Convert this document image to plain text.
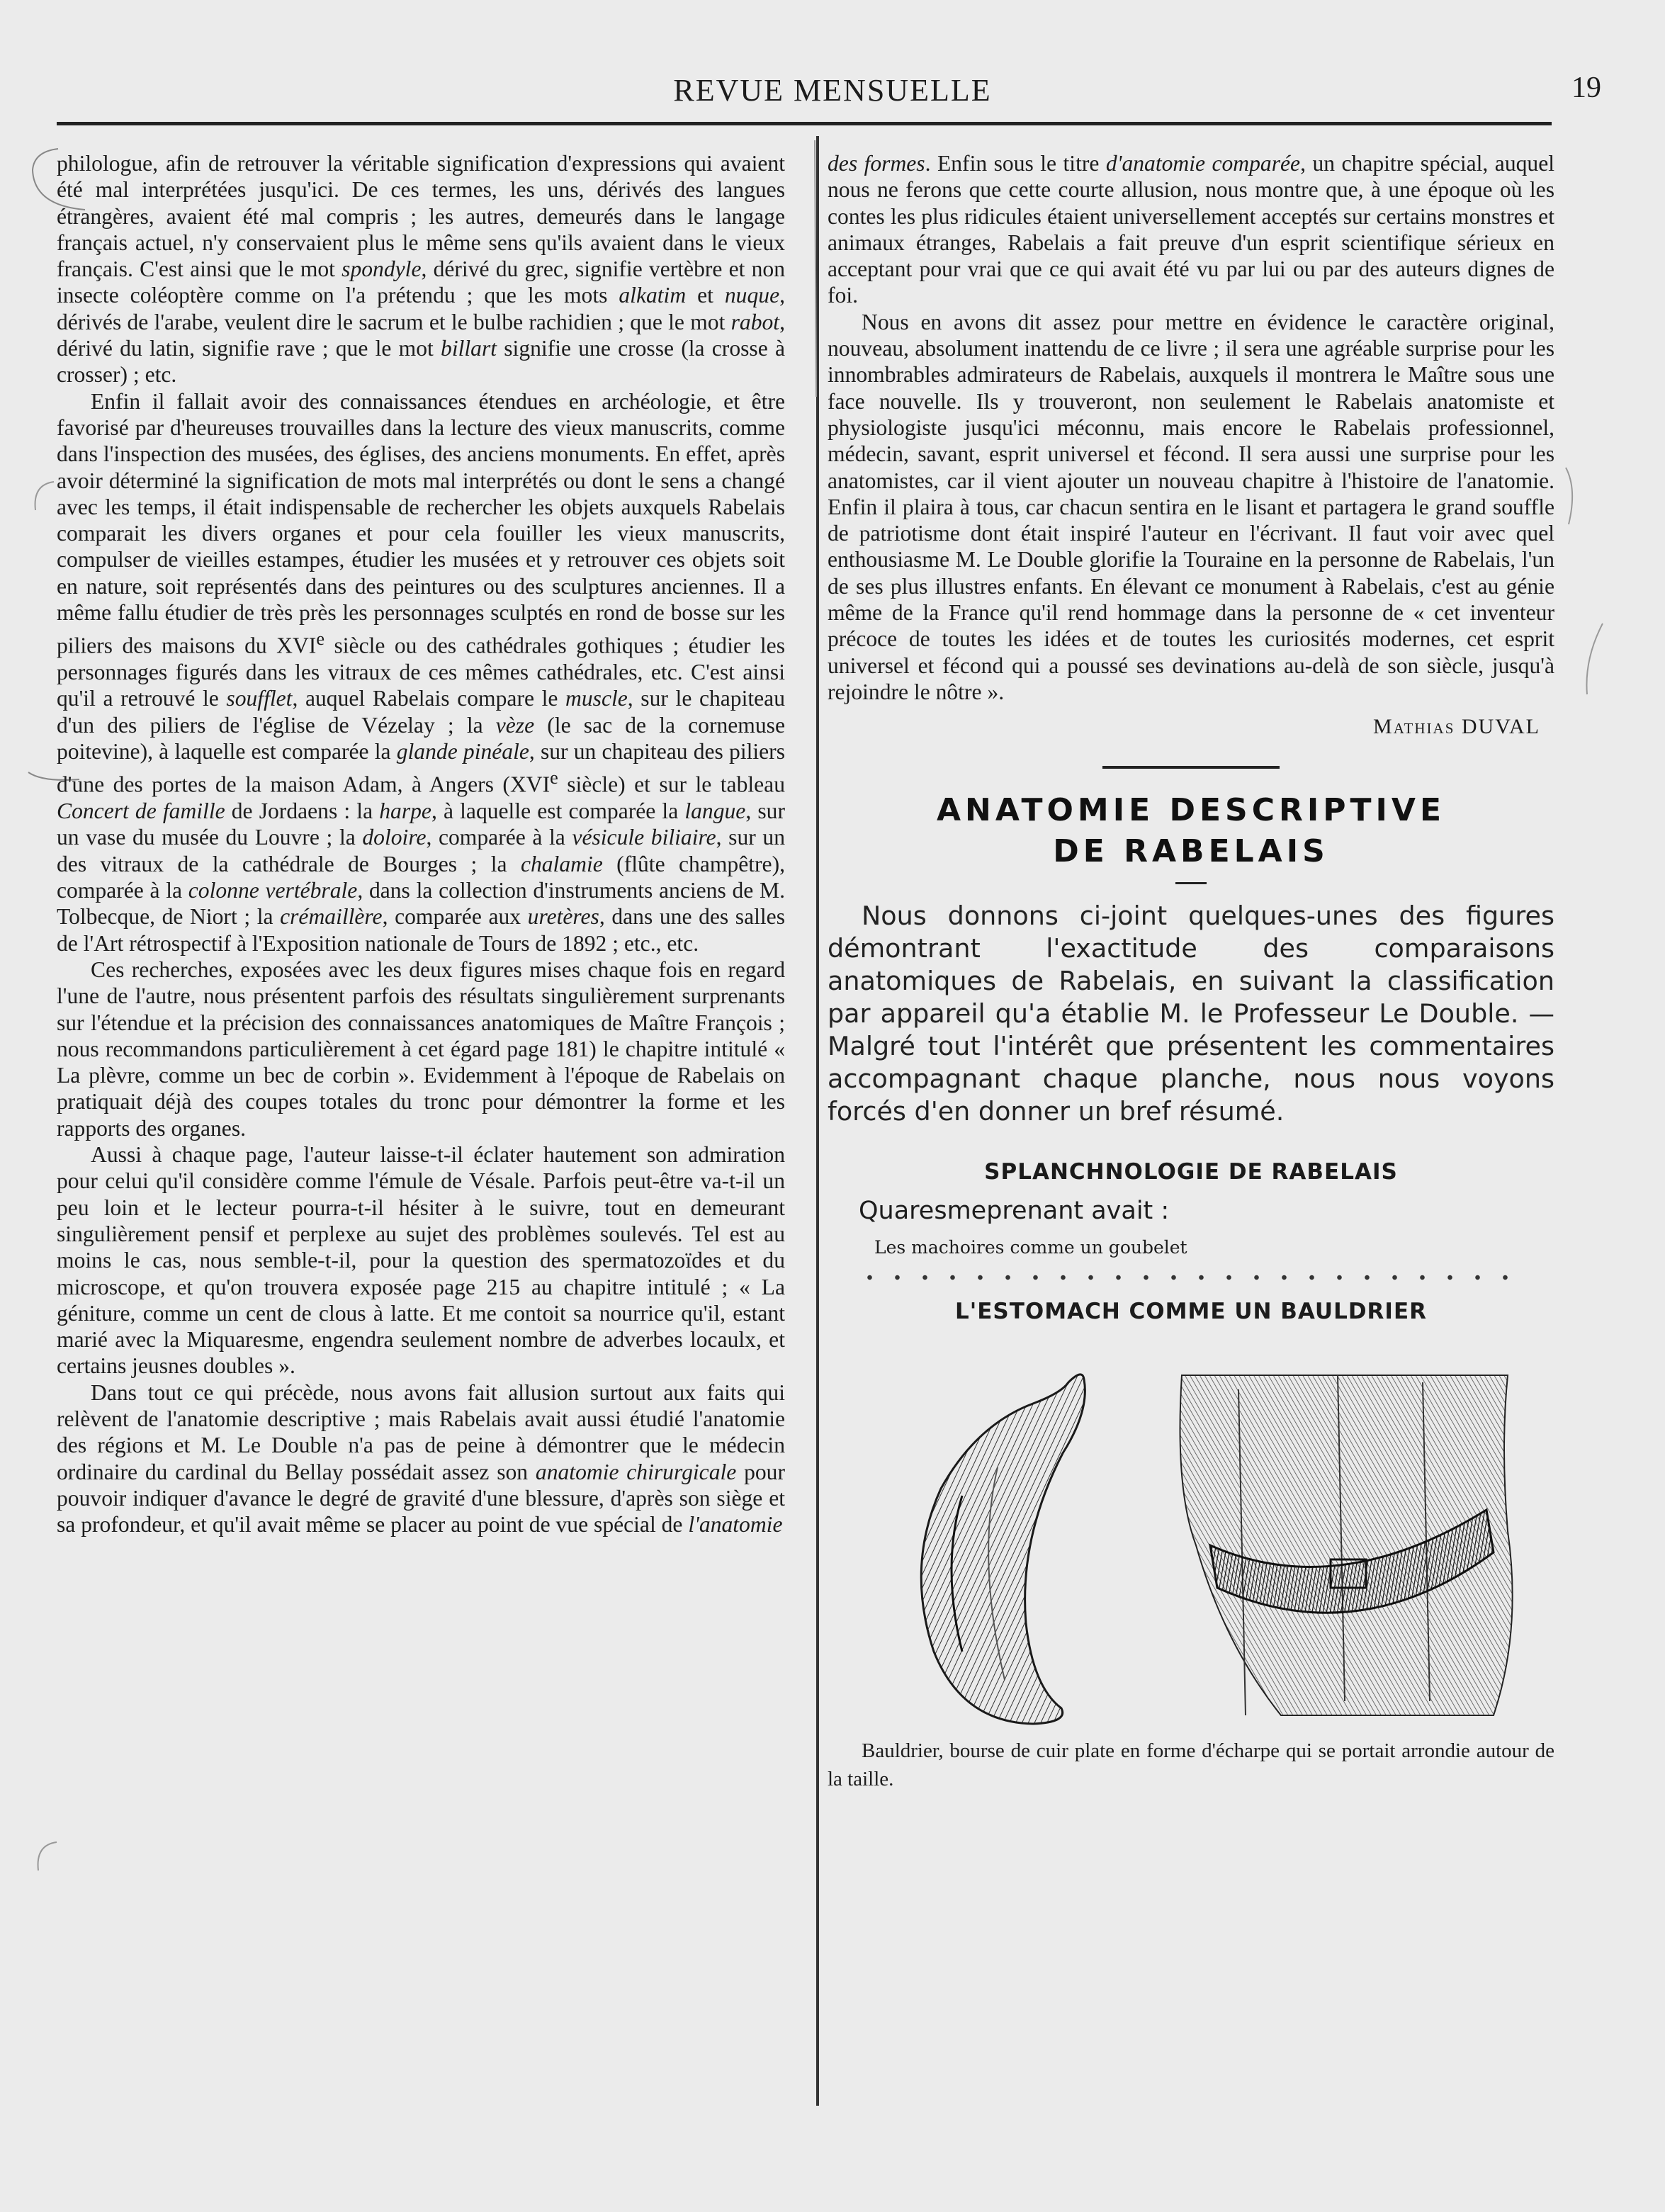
REVUE MENSUELLE	19

philologue, afin de retrouver la véritable signification d'expressions qui avaient été mal interprétées jusqu'ici. De ces termes, les uns, dérivés des langues étrangères, avaient été mal compris ; les autres, demeurés dans le langage français actuel, n'y conservaient plus le même sens qu'ils avaient dans le vieux français. C'est ainsi que le mot spondyle, dérivé du grec, signifie vertèbre et non insecte coléoptère comme on l'a prétendu ; que les mots alkatim et nuque, dérivés de l'arabe, veulent dire le sacrum et le bulbe rachidien ; que le mot rabot, dérivé du latin, signifie rave ; que le mot billart signifie une crosse (la crosse à crosser) ; etc.

Enfin il fallait avoir des connaissances étendues en archéologie, et être favorisé par d'heureuses trouvailles dans la lecture des vieux manuscrits, comme dans l'inspection des musées, des églises, des anciens monuments. En effet, après avoir déterminé la signification de mots mal interprétés ou dont le sens a changé avec les temps, il était indispensable de rechercher les objets auxquels Rabelais comparait les divers organes et pour cela fouiller les vieux manuscrits, compulser de vieilles estampes, étudier les musées et y retrouver ces objets soit en nature, soit représentés dans des peintures ou des sculptures anciennes. Il a même fallu étudier de très près les personnages sculptés en rond de bosse sur les piliers des maisons du XVIe siècle ou des cathédrales gothiques ; étudier les personnages figurés dans les vitraux de ces mêmes cathédrales, etc. C'est ainsi qu'il a retrouvé le soufflet, auquel Rabelais compare le muscle, sur le chapiteau d'un des piliers de l'église de Vézelay ; la vèze (le sac de la cornemuse poitevine), à laquelle est comparée la glande pinéale, sur un chapiteau des piliers d'une des portes de la maison Adam, à Angers (XVIe siècle) et sur le tableau Concert de famille de Jordaens : la harpe, à laquelle est comparée la langue, sur un vase du musée du Louvre ; la doloire, comparée à la vésicule biliaire, sur un des vitraux de la cathédrale de Bourges ; la chalamie (flûte champêtre), comparée à la colonne vertébrale, dans la collection d'instruments anciens de M. Tolbecque, de Niort ; la crémaillère, comparée aux uretères, dans une des salles de l'Art rétrospectif à l'Exposition nationale de Tours de 1892 ; etc., etc.

Ces recherches, exposées avec les deux figures mises chaque fois en regard l'une de l'autre, nous présentent parfois des résultats singulièrement surprenants sur l'étendue et la précision des connaissances anatomiques de Maître François ; nous recommandons particulièrement à cet égard page 181) le chapitre intitulé « La plèvre, comme un bec de corbin ». Evidemment à l'époque de Rabelais on pratiquait déjà des coupes totales du tronc pour démontrer la forme et les rapports des organes.

Aussi à chaque page, l'auteur laisse-t-il éclater hautement son admiration pour celui qu'il considère comme l'émule de Vésale. Parfois peut-être va-t-il un peu loin et le lecteur pourra-t-il hésiter à le suivre, tout en demeurant singulièrement pensif et perplexe au sujet des problèmes soulevés. Tel est au moins le cas, nous semble-t-il, pour la question des spermatozoïdes et du microscope, et qu'on trouvera exposée page 215 au chapitre intitulé ; « La géniture, comme un cent de clous à latte. Et me contoit sa nourrice qu'il, estant marié avec la Miquaresme, engendra seulement nombre de adverbes locaulx, et certains jeusnes doubles ».

Dans tout ce qui précède, nous avons fait allusion surtout aux faits qui relèvent de l'anatomie descriptive ; mais Rabelais avait aussi étudié l'anatomie des régions et M. Le Double n'a pas de peine à démontrer que le médecin ordinaire du cardinal du Bellay possédait assez son anatomie chirurgicale pour pouvoir indiquer d'avance le degré de gravité d'une blessure, d'après son siège et sa profondeur, et qu'il avait même se placer au point de vue spécial de l'anatomie

des formes. Enfin sous le titre d'anatomie comparée, un chapitre spécial, auquel nous ne ferons que cette courte allusion, nous montre que, à une époque où les contes les plus ridicules étaient universellement acceptés sur certains monstres et animaux étranges, Rabelais a fait preuve d'un esprit scientifique sérieux en acceptant pour vrai que ce qui avait été vu par lui ou par des auteurs dignes de foi.

Nous en avons dit assez pour mettre en évidence le caractère original, nouveau, absolument inattendu de ce livre ; il sera une agréable surprise pour les innombrables admirateurs de Rabelais, auxquels il montrera le Maître sous une face nouvelle. Ils y trouveront, non seulement le Rabelais anatomiste et physiologiste jusqu'ici méconnu, mais encore le Rabelais professionnel, médecin, savant, esprit universel et fécond. Il sera aussi une surprise pour les anatomistes, car il vient ajouter un nouveau chapitre à l'histoire de l'anatomie. Enfin il plaira à tous, car chacun sentira en le lisant et partagera le grand souffle de patriotisme dont était inspiré l'auteur en l'écrivant. Il faut voir avec quel enthousiasme M. Le Double glorifie la Touraine en la personne de Rabelais, l'un de ses plus illustres enfants. En élevant ce monument à Rabelais, c'est au génie même de la France qu'il rend hommage dans la personne de « cet inventeur précoce de toutes les idées et de toutes les curiosités modernes, cet esprit universel et fécond qui a poussé ses devinations au-delà de son siècle, jusqu'à rejoindre le nôtre ».

Mathias DUVAL
ANATOMIE DESCRIPTIVE
DE RABELAIS

Nous donnons ci-joint quelques-unes des figures démontrant l'exactitude des comparaisons anatomiques de Rabelais, en suivant la classification par appareil qu'a établie M. le Professeur Le Double. — Malgré tout l'intérêt que présentent les commentaires accompagnant chaque planche, nous nous voyons forcés d'en donner un bref résumé.

SPLANCHNOLOGIE DE RABELAIS
Quaresmeprenant avait :
Les machoires comme un goubelet
L'ESTOMACH COMME UN BAULDRIER

Bauldrier, bourse de cuir plate en forme d'écharpe qui se portait arrondie autour de la taille.
